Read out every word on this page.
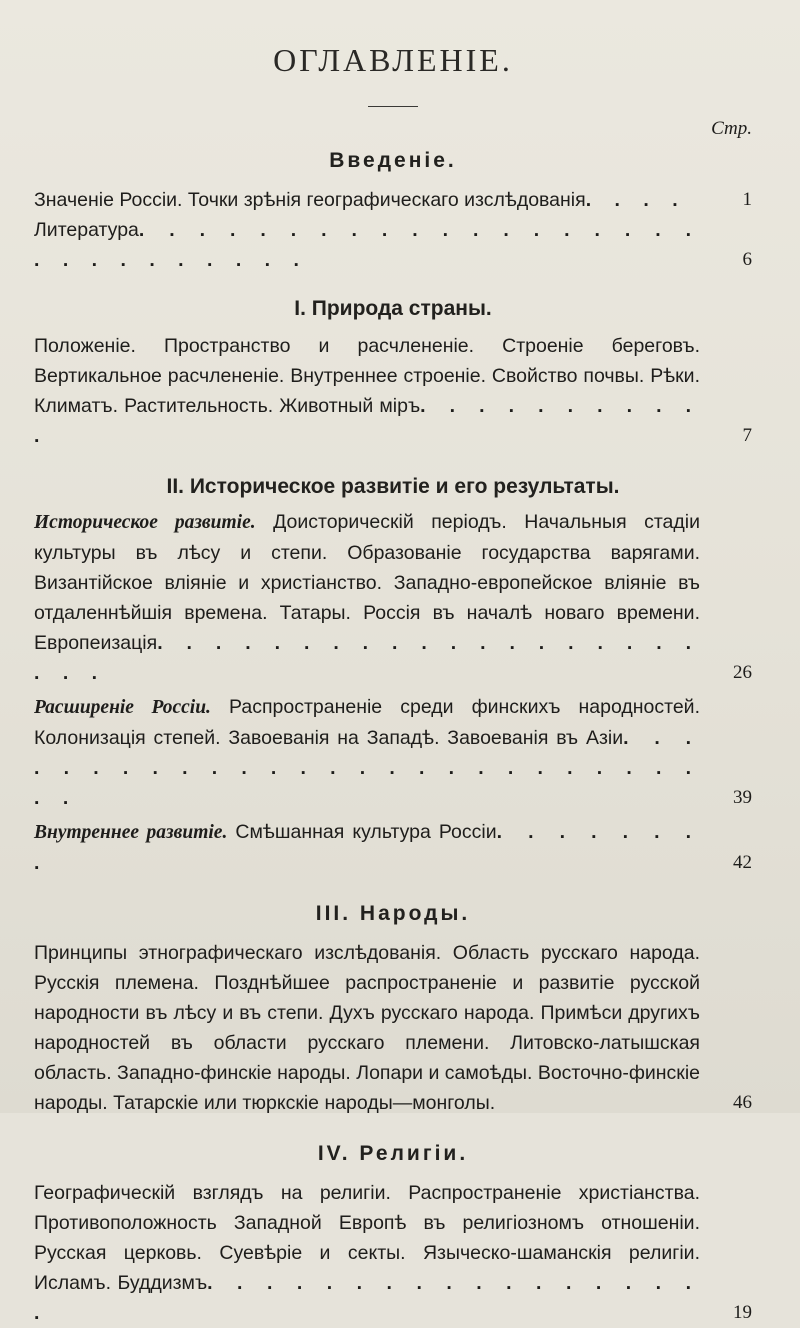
ОГЛАВЛЕНІЕ.
Стр.
Введеніе.

Значеніе Россіи. Точки зрѣнія географическаго изслѣдованія. . . .	1

Литература. . . . . . . . . . . . . . . . . . . . . . . . . . . . .	6

I. Природа страны.

Положеніе. Пространство и расчлененіе. Строеніе береговъ. Вертикальное расчлененіе. Внутреннее строеніе. Свойство почвы. Рѣки. Климатъ. Растительность. Животный міръ. . . . . . . . . . .	7

II. Историческое развитіе и его результаты.

Историческое развитіе. Доисторическій періодъ. Начальныя стадіи культуры въ лѣсу и степи. Образованіе государства варягами. Византійское вліяніе и христіанство. Западно-европейское вліяніе въ отдаленнѣйшія времена. Татары. Россія въ началѣ новаго времени. Европеизація. . . . . . . . . . . . . . . . . . . . . .	26

Расширеніе Россіи. Распространеніе среди финскихъ народностей. Колонизація степей. Завоеванія на Западѣ. Завоеванія въ Азіи. . . . . . . . . . . . . . . . . . . . . . . . . . . .	39

Внутреннее развитіе. Смѣшанная культура Россіи. . . . . . . .	42

III. Народы.

Принципы этнографическаго изслѣдованія. Область русскаго народа. Русскія племена. Позднѣйшее распространеніе и развитіе русской народности въ лѣсу и въ степи. Духъ русскаго народа. Примѣси другихъ народностей въ области русскаго племени. Литовско-латышская область. Западно-финскіе народы. Лопари и самоѣды. Восточно-финскіе народы. Татарскіе или тюркскіе народы—монголы.	46

IV. Религіи.

Географическій взглядъ на религіи. Распространеніе христіанства. Противоположность Западной Европѣ въ религіозномъ отношеніи. Русская церковь. Суевѣріе и секты. Языческо-шаманскія религіи. Исламъ. Буддизмъ. . . . . . . . . . . . . . . . . .	19
